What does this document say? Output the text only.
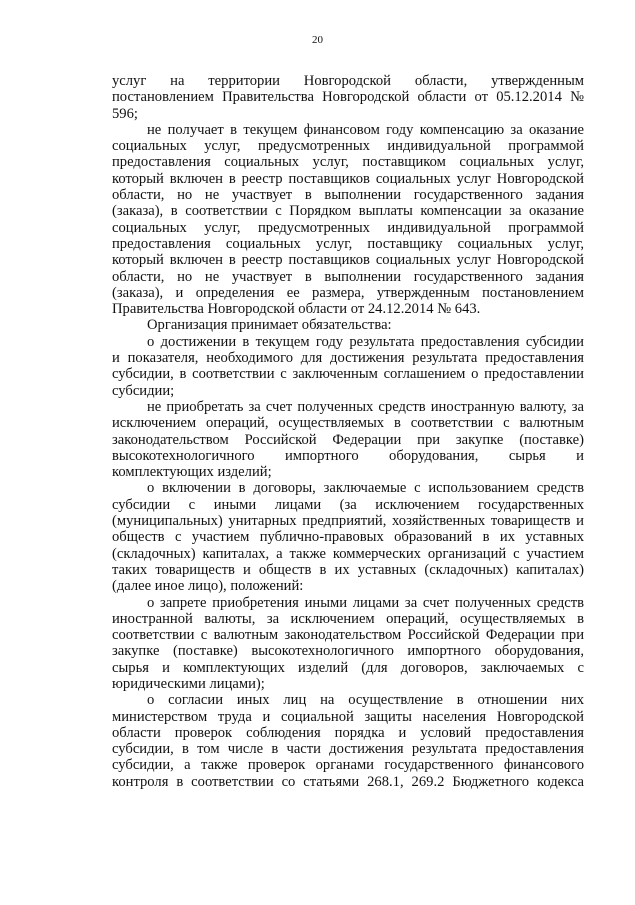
20

услуг на территории Новгородской области, утвержденным

постановлением Правительства Новгородской области от 05.12.2014 №

596;

не получает в текущем финансовом году компенсацию за оказание

социальных услуг, предусмотренных индивидуальной программой

предоставления социальных услуг, поставщиком социальных услуг,

который включен в реестр поставщиков социальных услуг Новгородской

области, но не участвует в выполнении государственного задания

(заказа), в соответствии с Порядком выплаты компенсации за оказание

социальных услуг, предусмотренных индивидуальной программой

предоставления социальных услуг, поставщику социальных услуг,

который включен в реестр поставщиков социальных услуг Новгородской

области, но не участвует в выполнении государственного задания

(заказа), и определения ее размера, утвержденным постановлением

Правительства Новгородской области от 24.12.2014 № 643.

Организация принимает обязательства:

о достижении в текущем году результата предоставления субсидии

и показателя, необходимого для достижения результата предоставления

субсидии, в соответствии с заключенным соглашением о предоставлении

субсидии;

не приобретать за счет полученных средств иностранную валюту, за

исключением операций, осуществляемых в соответствии с валютным

законодательством Российской Федерации при закупке (поставке)

высокотехнологичного импортного оборудования, сырья и

комплектующих изделий;

о включении в договоры, заключаемые с использованием средств

субсидии с иными лицами (за исключением государственных

(муниципальных) унитарных предприятий, хозяйственных товариществ и

обществ с участием публично-правовых образований в их уставных

(складочных) капиталах, а также коммерческих организаций с участием

таких товариществ и обществ в их уставных (складочных) капиталах)

(далее иное лицо), положений:

о запрете приобретения иными лицами за счет полученных средств

иностранной валюты, за исключением операций, осуществляемых в

соответствии с валютным законодательством Российской Федерации при

закупке (поставке) высокотехнологичного импортного оборудования,

сырья и комплектующих изделий (для договоров, заключаемых с

юридическими лицами);

о согласии иных лиц на осуществление в отношении них

министерством труда и социальной защиты населения Новгородской

области проверок соблюдения порядка и условий предоставления

субсидии, в том числе в части достижения результата предоставления

субсидии, а также проверок органами государственного финансового

контроля в соответствии со статьями 268.1, 269.2 Бюджетного кодекса
